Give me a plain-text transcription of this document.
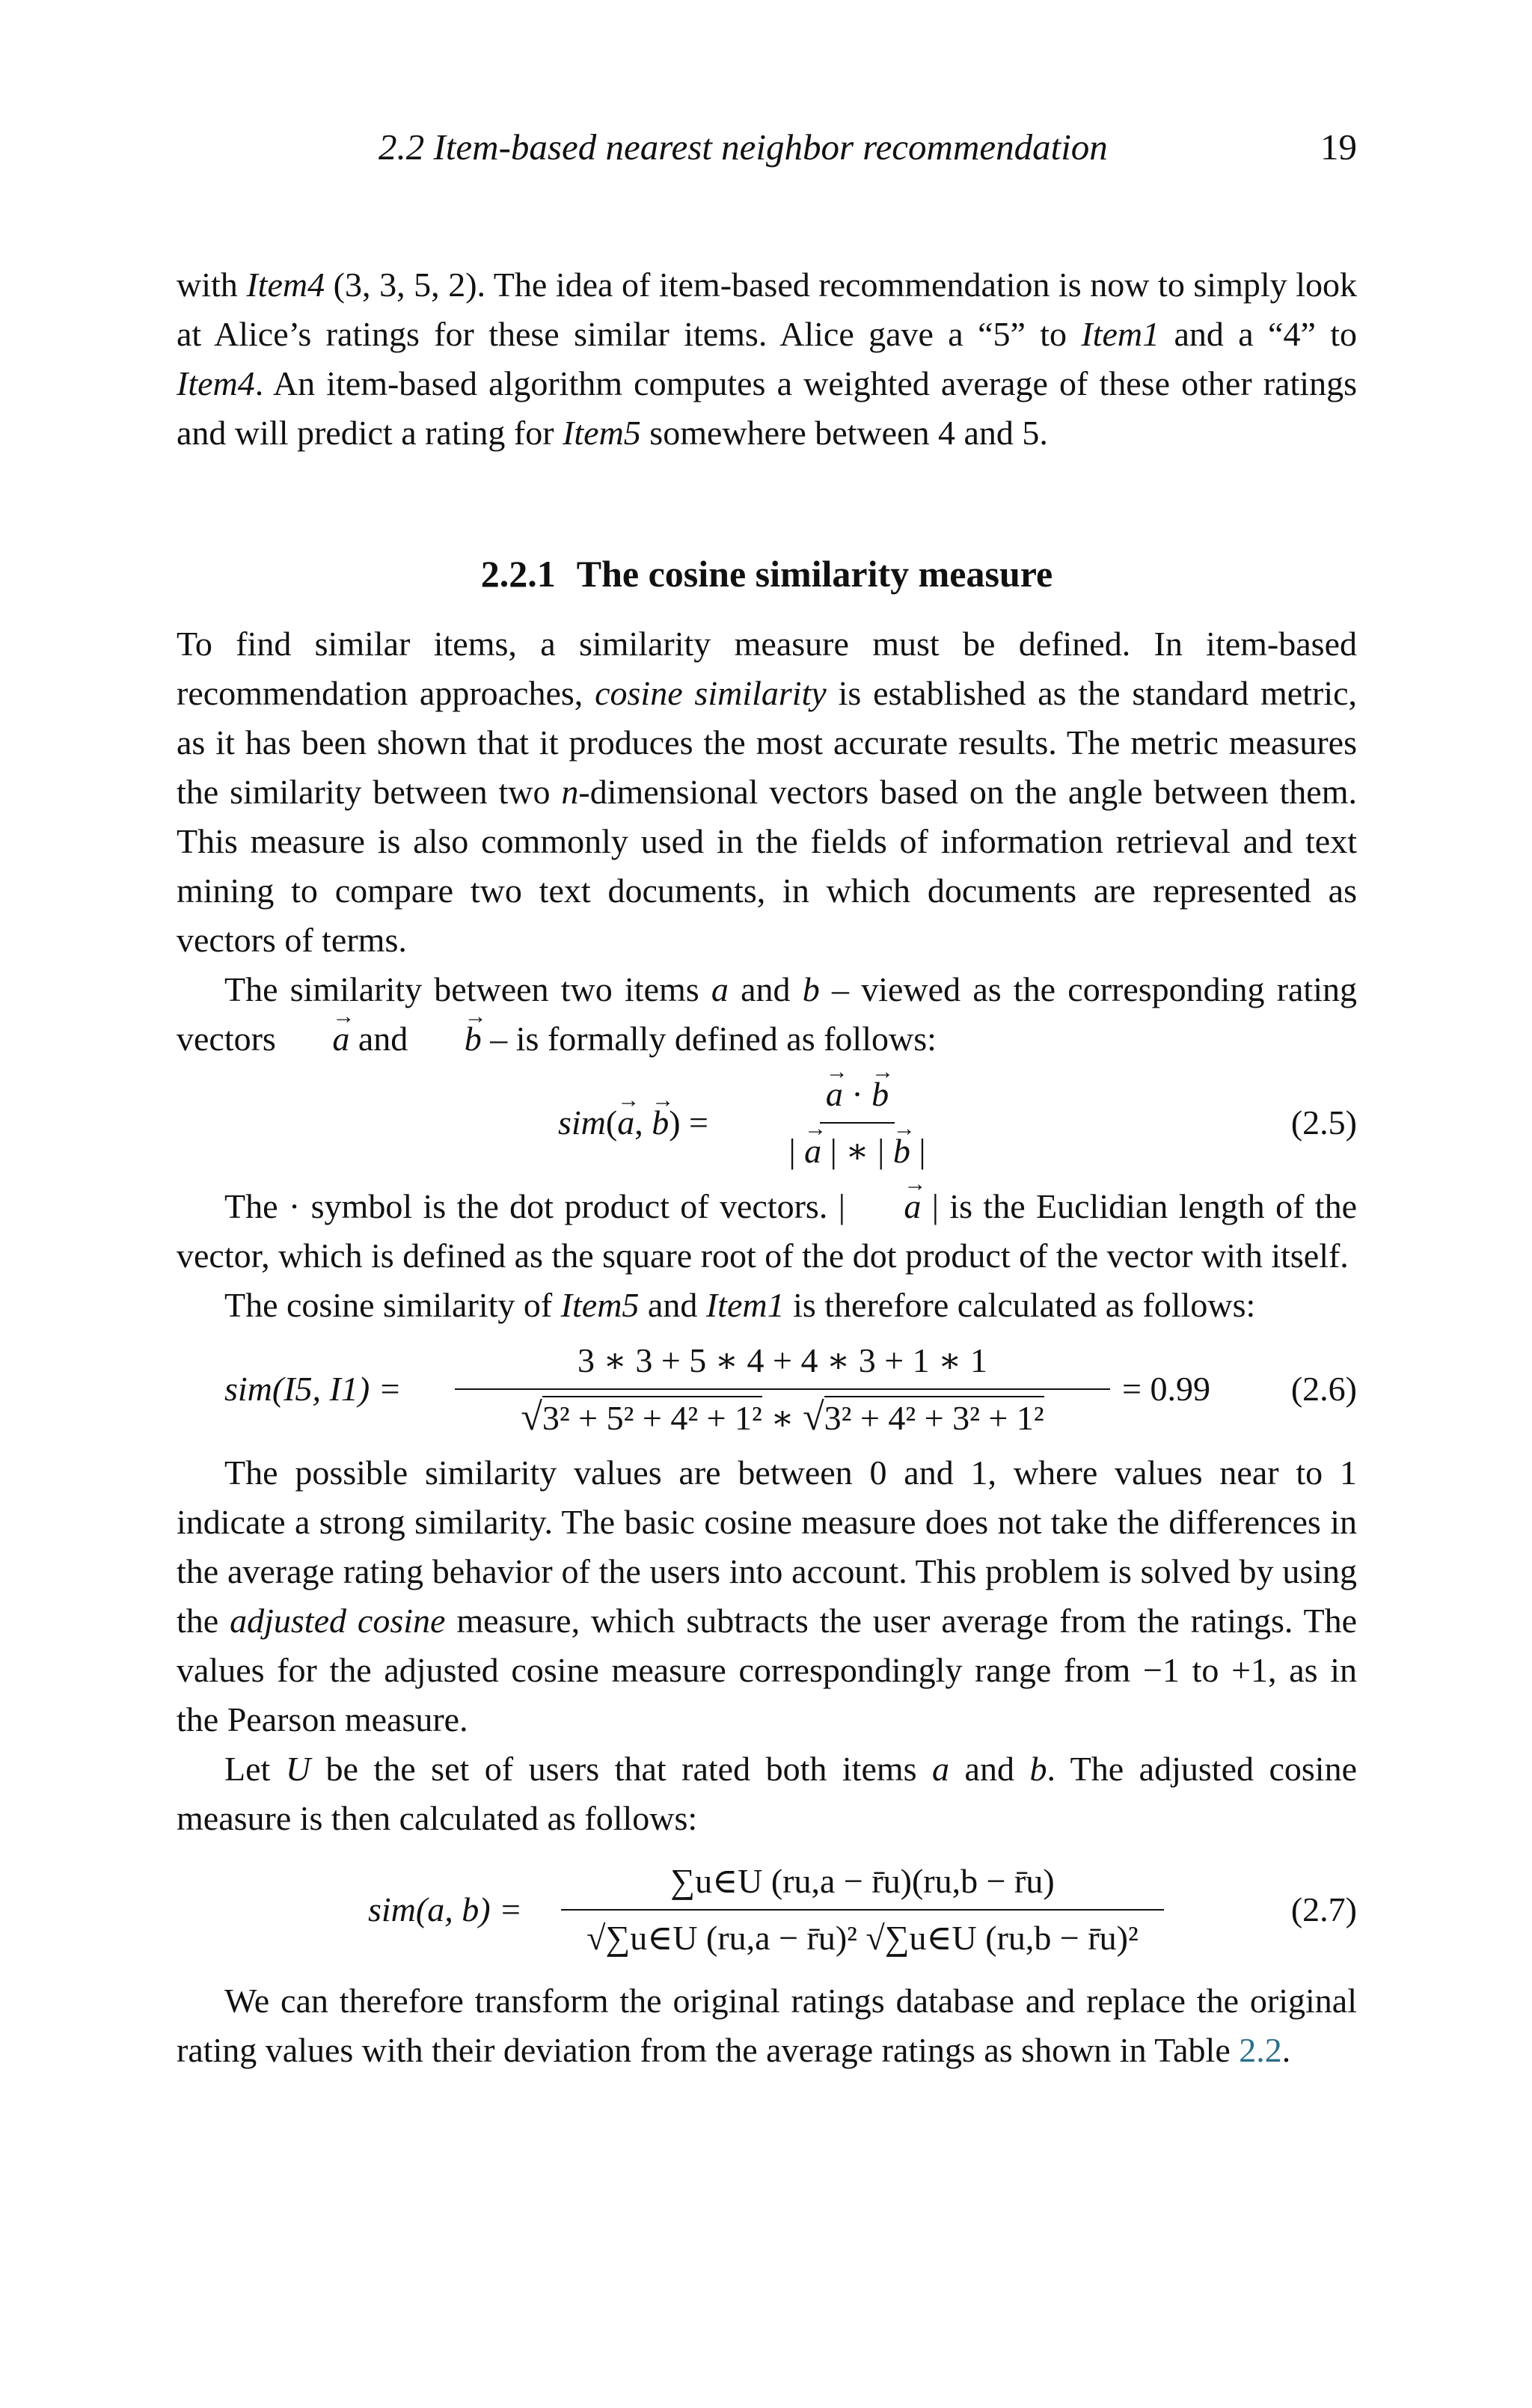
2.2 Item-based nearest neighbor recommendation	19

with Item4 (3, 3, 5, 2). The idea of item-based recommendation is now to simply look at Alice’s ratings for these similar items. Alice gave a “5” to Item1 and a “4” to Item4. An item-based algorithm computes a weighted average of these other ratings and will predict a rating for Item5 somewhere between 4 and 5.

2.2.1 The cosine similarity measure

To find similar items, a similarity measure must be defined. In item-based recommendation approaches, cosine similarity is established as the standard metric, as it has been shown that it produces the most accurate results. The metric measures the similarity between two n-dimensional vectors based on the angle between them. This measure is also commonly used in the fields of information retrieval and text mining to compare two text documents, in which documents are represented as vectors of terms.

The similarity between two items a and b – viewed as the corresponding rating vectors → a and → b – is formally defined as follows:

sim(→ a, → b) = → $\frac{a \cdot \to b}{| \to a | ∗ | \to b |}$	(2.5)

The · symbol is the dot product of vectors. | → a | is the Euclidian length of the vector, which is defined as the square root of the dot product of the vector with itself.

The cosine similarity of Item5 and Item1 is therefore calculated as follows:

sim(I5, $I1) = \frac{3 ∗ 3 + 5 ∗ 4 + 4 ∗ 3 + 1 ∗ 1}{\text{√3² + 5² + 4² + 1² ∗ √3² + 4² + 3² + 1²}} = 0.99$ (2.6)

The possible similarity values are between 0 and 1, where values near to 1 indicate a strong similarity. The basic cosine measure does not take the differences in the average rating behavior of the users into account. This problem is solved by using the adjusted cosine measure, which subtracts the user average from the ratings. The values for the adjusted cosine measure correspondingly range from −1 to +1, as in the Pearson measure.

Let U be the set of users that rated both items a and b. The adjusted cosine measure is then calculated as follows:

sim(a, $b) = \frac{\sum u\in U (ru,a - r̄u)(ru,b - r̄u)}{\text{√∑u∈U (ru,a − r̄u)² √∑u∈U (ru,b − r̄u)²}}$	(2.7)

We can therefore transform the original ratings database and replace the original rating values with their deviation from the average ratings as shown in Table 2.2.
